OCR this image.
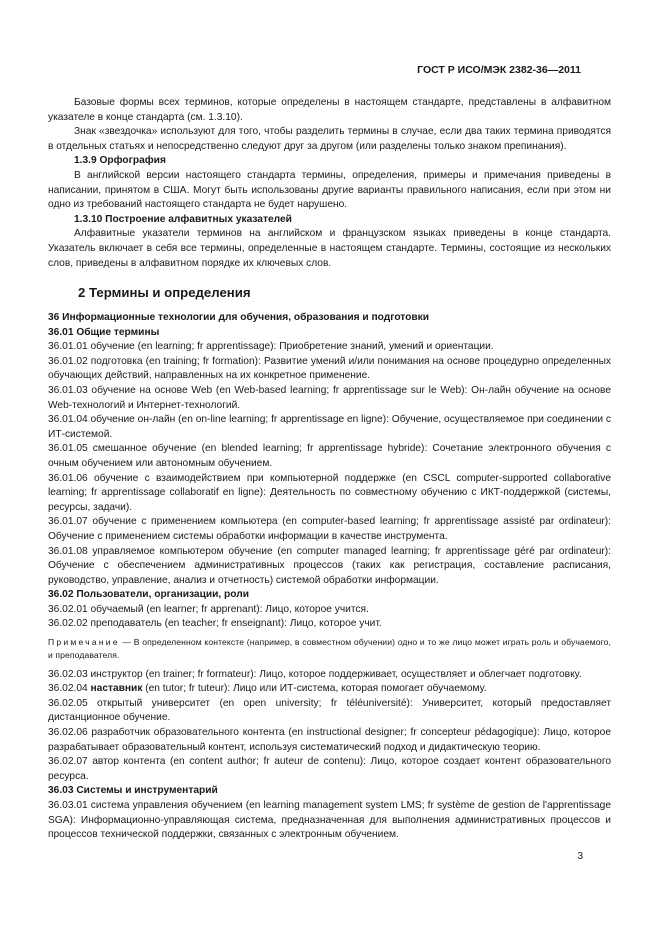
ГОСТ Р ИСО/МЭК 2382-36—2011

Базовые формы всех терминов, которые определены в настоящем стандарте, представлены в алфавитном указателе в конце стандарта (см. 1.3.10).

Знак «звездочка» используют для того, чтобы разделить термины в случае, если два таких термина приводятся в отдельных статьях и непосредственно следуют друг за другом (или разделены только знаком препинания).

1.3.9 Орфография

В английской версии настоящего стандарта термины, определения, примеры и примечания приведены в написании, принятом в США. Могут быть использованы другие варианты правильного написания, если при этом ни одно из требований настоящего стандарта не будет нарушено.

1.3.10 Построение алфавитных указателей

Алфавитные указатели терминов на английском и французском языках приведены в конце стандарта. Указатель включает в себя все термины, определенные в настоящем стандарте. Термины, состоящие из нескольких слов, приведены в алфавитном порядке их ключевых слов.

2 Термины и определения

36 Информационные технологии для обучения, образования и подготовки

36.01 Общие термины

36.01.01 обучение (en learning; fr apprentissage): Приобретение знаний, умений и ориентации.

36.01.02 подготовка (en training; fr formation): Развитие умений и/или понимания на основе процедурно определенных обучающих действий, направленных на их конкретное применение.

36.01.03 обучение на основе Web (en Web-based learning; fr apprentissage sur le Web): Он-лайн обучение на основе Web-технологий и Интернет-технологий.

36.01.04 обучение он-лайн (en on-line learning; fr apprentissage en ligne): Обучение, осуществляемое при соединении с ИТ-системой.

36.01.05 смешанное обучение (en blended learning; fr apprentissage hybride): Сочетание электронного обучения с очным обучением или автономным обучением.

36.01.06 обучение с взаимодействием при компьютерной поддержке (en CSCL computer-supported collaborative learning; fr apprentissage collaboratif en ligne): Деятельность по совместному обучению с ИКТ-поддержкой (системы, ресурсы, задачи).

36.01.07 обучение с применением компьютера (en computer-based learning; fr apprentissage assisté par ordinateur): Обучение с применением системы обработки информации в качестве инструмента.

36.01.08 управляемое компьютером обучение (en computer managed learning; fr apprentissage géré par ordinateur): Обучение с обеспечением административных процессов (таких как регистрация, составление расписания, руководство, управление, анализ и отчетность) системой обработки информации.

36.02 Пользователи, организации, роли

36.02.01 обучаемый (en learner; fr apprenant): Лицо, которое учится.

36.02.02 преподаватель (en teacher; fr enseignant): Лицо, которое учит.

Примечание — В определенном контексте (например, в совместном обучении) одно и то же лицо может играть роль и обучаемого, и преподавателя.

36.02.03 инструктор (en trainer; fr formateur): Лицо, которое поддерживает, осуществляет и облегчает подготовку.

36.02.04 наставник (en tutor; fr tuteur): Лицо или ИТ-система, которая помогает обучаемому.

36.02.05 открытый университет (en open university; fr téléuniversité): Университет, который предоставляет дистанционное обучение.

36.02.06 разработчик образовательного контента (en instructional designer; fr concepteur pédagogique): Лицо, которое разрабатывает образовательный контент, используя систематический подход и дидактическую теорию.

36.02.07 автор контента (en content author; fr auteur de contenu): Лицо, которое создает контент образовательного ресурса.

36.03 Системы и инструментарий

36.03.01 система управления обучением (en learning management system LMS; fr système de gestion de l'apprentissage SGA): Информационно-управляющая система, предназначенная для выполнения административных процессов и процессов технической поддержки, связанных с электронным обучением.

3
